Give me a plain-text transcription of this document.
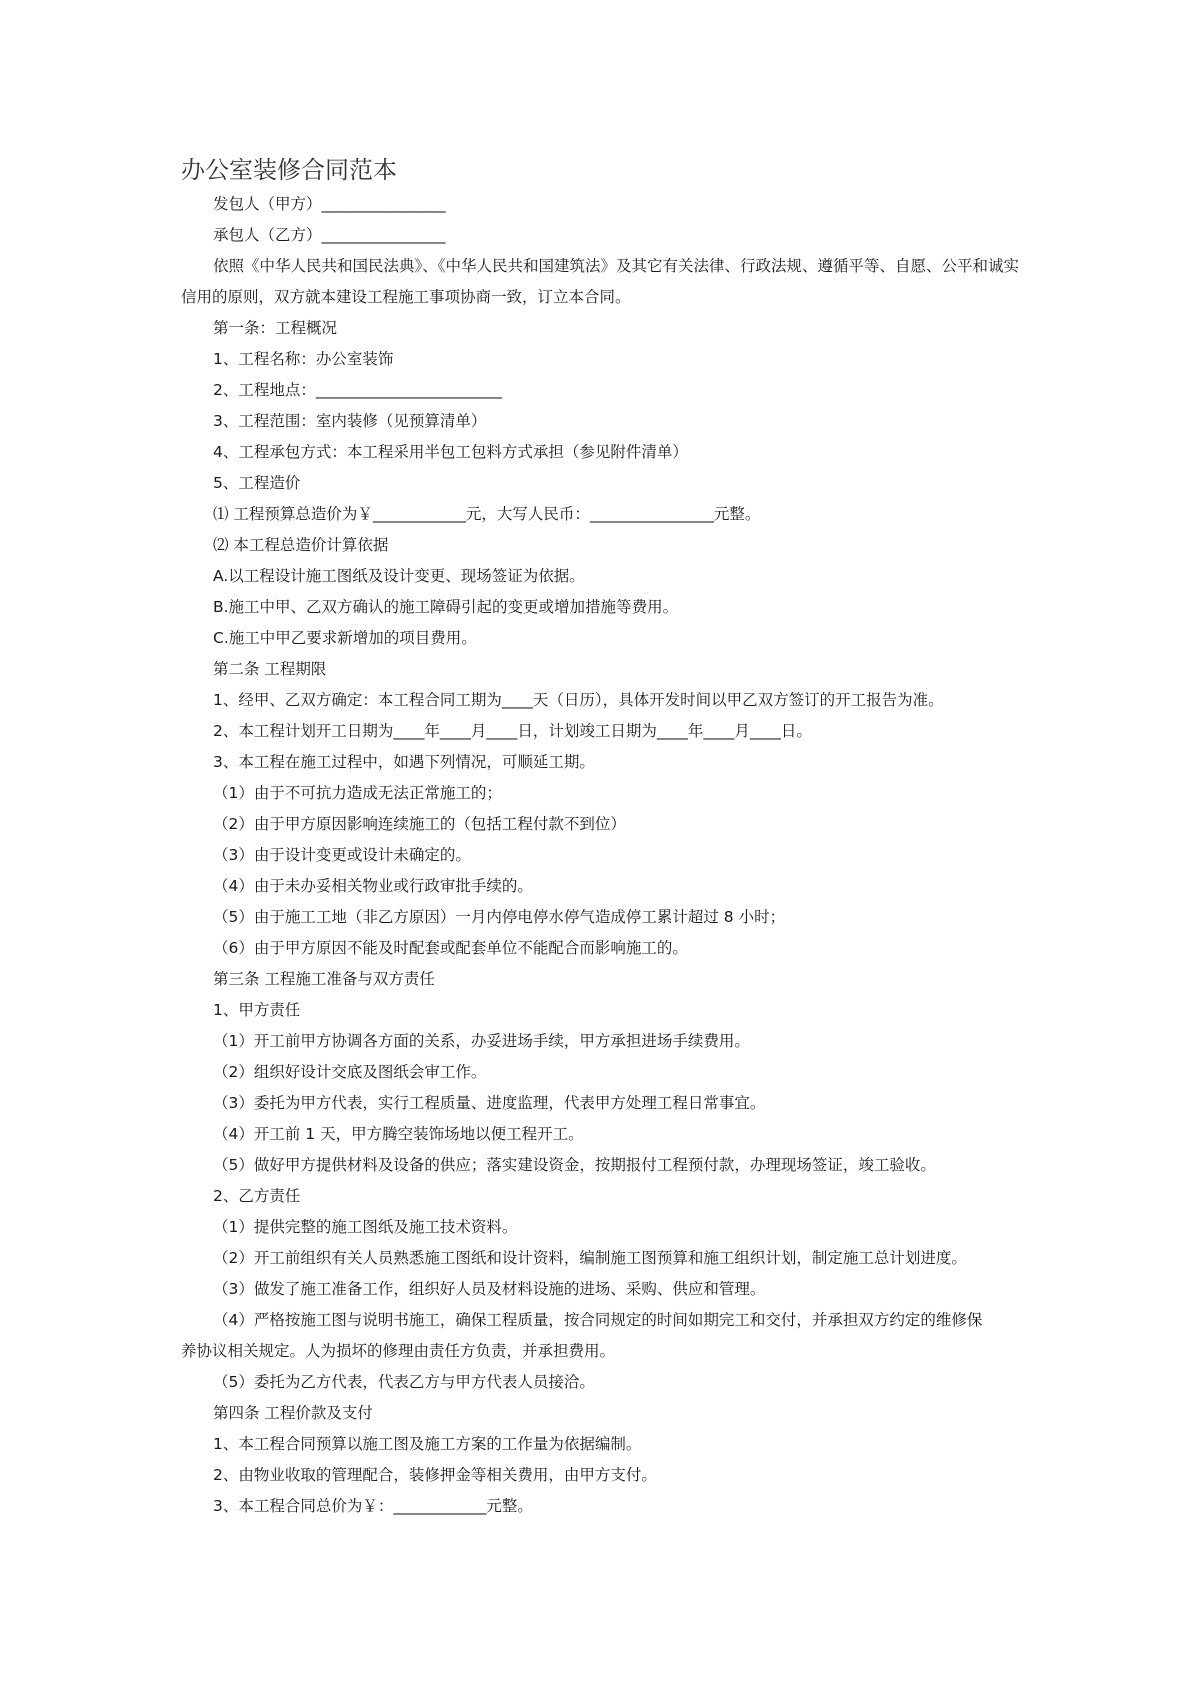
办公室装修合同范本
发包人（甲方）________________
承包人（乙方）________________
依照《中华人民共和国民法典》、《中华人民共和国建筑法》及其它有关法律、行政法规、遵循平等、自愿、公平和诚实
信用的原则，双方就本建设工程施工事项协商一致，订立本合同。
第一条：工程概况
1、工程名称：办公室装饰
2、工程地点：________________________
3、工程范围：室内装修（见预算清单）
4、工程承包方式：本工程采用半包工包料方式承担（参见附件清单）
5、工程造价
⑴ 工程预算总造价为￥____________元，大写人民币：________________元整。
⑵ 本工程总造价计算依据
A.以工程设计施工图纸及设计变更、现场签证为依据。
B.施工中甲、乙双方确认的施工障碍引起的变更或增加措施等费用。
C.施工中甲乙要求新增加的项目费用。
第二条 工程期限
1、经甲、乙双方确定：本工程合同工期为____天（日历），具体开发时间以甲乙双方签订的开工报告为准。
2、本工程计划开工日期为____年____月____日，计划竣工日期为____年____月____日。
3、本工程在施工过程中，如遇下列情况，可顺延工期。
（1）由于不可抗力造成无法正常施工的；
（2）由于甲方原因影响连续施工的（包括工程付款不到位）
（3）由于设计变更或设计未确定的。
（4）由于未办妥相关物业或行政审批手续的。
（5）由于施工工地（非乙方原因）一月内停电停水停气造成停工累计超过 8 小时；
（6）由于甲方原因不能及时配套或配套单位不能配合而影响施工的。
第三条 工程施工准备与双方责任
1、甲方责任
（1）开工前甲方协调各方面的关系，办妥进场手续，甲方承担进场手续费用。
（2）组织好设计交底及图纸会审工作。
（3）委托为甲方代表，实行工程质量、进度监理，代表甲方处理工程日常事宜。
（4）开工前 1 天，甲方腾空装饰场地以便工程开工。
（5）做好甲方提供材料及设备的供应；落实建设资金，按期报付工程预付款，办理现场签证，竣工验收。
2、乙方责任
（1）提供完整的施工图纸及施工技术资料。
（2）开工前组织有关人员熟悉施工图纸和设计资料，编制施工图预算和施工组织计划，制定施工总计划进度。
（3）做发了施工准备工作，组织好人员及材料设施的进场、采购、供应和管理。
（4）严格按施工图与说明书施工，确保工程质量，按合同规定的时间如期完工和交付，并承担双方约定的维修保
养协议相关规定。人为损坏的修理由责任方负责，并承担费用。
（5）委托为乙方代表，代表乙方与甲方代表人员接洽。
第四条 工程价款及支付
1、本工程合同预算以施工图及施工方案的工作量为依据编制。
2、由物业收取的管理配合，装修押金等相关费用，由甲方支付。
3、本工程合同总价为￥：____________元整。
